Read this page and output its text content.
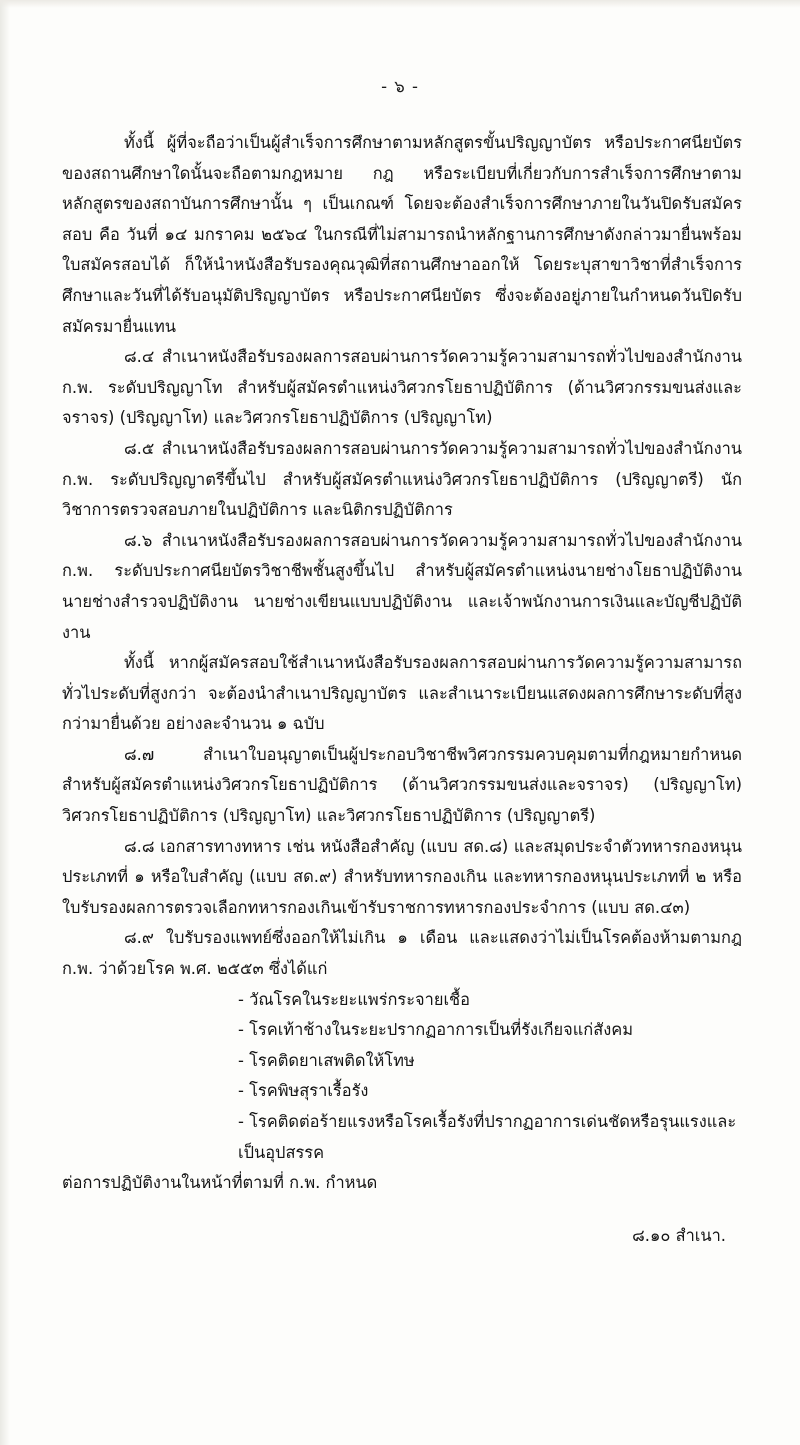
- ๖ -

ทั้งนี้ ผู้ที่จะถือว่าเป็นผู้สำเร็จการศึกษาตามหลักสูตรขั้นปริญญาบัตร หรือประกาศนียบัตร ของสถานศึกษาใดนั้นจะถือตามกฎหมาย กฎ หรือระเบียบที่เกี่ยวกับการสำเร็จการศึกษาตามหลักสูตรของสถาบันการศึกษานั้น ๆ เป็นเกณฑ์ โดยจะต้องสำเร็จการศึกษาภายในวันปิดรับสมัครสอบ คือ วันที่ ๑๔ มกราคม ๒๕๖๔ ในกรณีที่ไม่สามารถนำหลักฐานการศึกษาดังกล่าวมายื่นพร้อมใบสมัครสอบได้ ก็ให้นำหนังสือรับรองคุณวุฒิที่สถานศึกษาออกให้ โดยระบุสาขาวิชาที่สำเร็จการศึกษาและวันที่ได้รับอนุมัติปริญญาบัตร หรือประกาศนียบัตร ซึ่งจะต้องอยู่ภายในกำหนดวันปิดรับสมัครมายื่นแทน

๘.๔ สำเนาหนังสือรับรองผลการสอบผ่านการวัดความรู้ความสามารถทั่วไปของสำนักงาน ก.พ. ระดับปริญญาโท สำหรับผู้สมัครตำแหน่งวิศวกรโยธาปฏิบัติการ (ด้านวิศวกรรมขนส่งและจราจร) (ปริญญาโท) และวิศวกรโยธาปฏิบัติการ (ปริญญาโท)

๘.๕ สำเนาหนังสือรับรองผลการสอบผ่านการวัดความรู้ความสามารถทั่วไปของสำนักงาน ก.พ. ระดับปริญญาตรีขึ้นไป สำหรับผู้สมัครตำแหน่งวิศวกรโยธาปฏิบัติการ (ปริญญาตรี) นักวิชาการตรวจสอบภายในปฏิบัติการ และนิติกรปฏิบัติการ

๘.๖ สำเนาหนังสือรับรองผลการสอบผ่านการวัดความรู้ความสามารถทั่วไปของสำนักงาน ก.พ. ระดับประกาศนียบัตรวิชาชีพชั้นสูงขึ้นไป สำหรับผู้สมัครตำแหน่งนายช่างโยธาปฏิบัติงาน นายช่างสำรวจปฏิบัติงาน นายช่างเขียนแบบปฏิบัติงาน และเจ้าพนักงานการเงินและบัญชีปฏิบัติงาน

ทั้งนี้ หากผู้สมัครสอบใช้สำเนาหนังสือรับรองผลการสอบผ่านการวัดความรู้ความสามารถทั่วไประดับที่สูงกว่า จะต้องนำสำเนาปริญญาบัตร และสำเนาระเบียนแสดงผลการศึกษาระดับที่สูงกว่ามายื่นด้วย อย่างละจำนวน ๑ ฉบับ

๘.๗ สำเนาใบอนุญาตเป็นผู้ประกอบวิชาชีพวิศวกรรมควบคุมตามที่กฎหมายกำหนดสำหรับผู้สมัครตำแหน่งวิศวกรโยธาปฏิบัติการ (ด้านวิศวกรรมขนส่งและจราจร) (ปริญญาโท) วิศวกรโยธาปฏิบัติการ (ปริญญาโท) และวิศวกรโยธาปฏิบัติการ (ปริญญาตรี)

๘.๘ เอกสารทางทหาร เช่น หนังสือสำคัญ (แบบ สด.๘) และสมุดประจำตัวทหารกองหนุน ประเภทที่ ๑ หรือใบสำคัญ (แบบ สด.๙) สำหรับทหารกองเกิน และทหารกองหนุนประเภทที่ ๒ หรือใบรับรองผลการตรวจเลือกทหารกองเกินเข้ารับราชการทหารกองประจำการ (แบบ สด.๔๓)

๘.๙ ใบรับรองแพทย์ซึ่งออกให้ไม่เกิน ๑ เดือน และแสดงว่าไม่เป็นโรคต้องห้ามตามกฎ ก.พ. ว่าด้วยโรค พ.ศ. ๒๕๕๓ ซึ่งได้แก่

- วัณโรคในระยะแพร่กระจายเชื้อ
- โรคเท้าช้างในระยะปรากฏอาการเป็นที่รังเกียจแก่สังคม
- โรคติดยาเสพติดให้โทษ
- โรคพิษสุราเรื้อรัง
- โรคติดต่อร้ายแรงหรือโรคเรื้อรังที่ปรากฏอาการเด่นชัดหรือรุนแรงและเป็นอุปสรรค

ต่อการปฏิบัติงานในหน้าที่ตามที่ ก.พ. กำหนด

๘.๑๐ สำเนา.
